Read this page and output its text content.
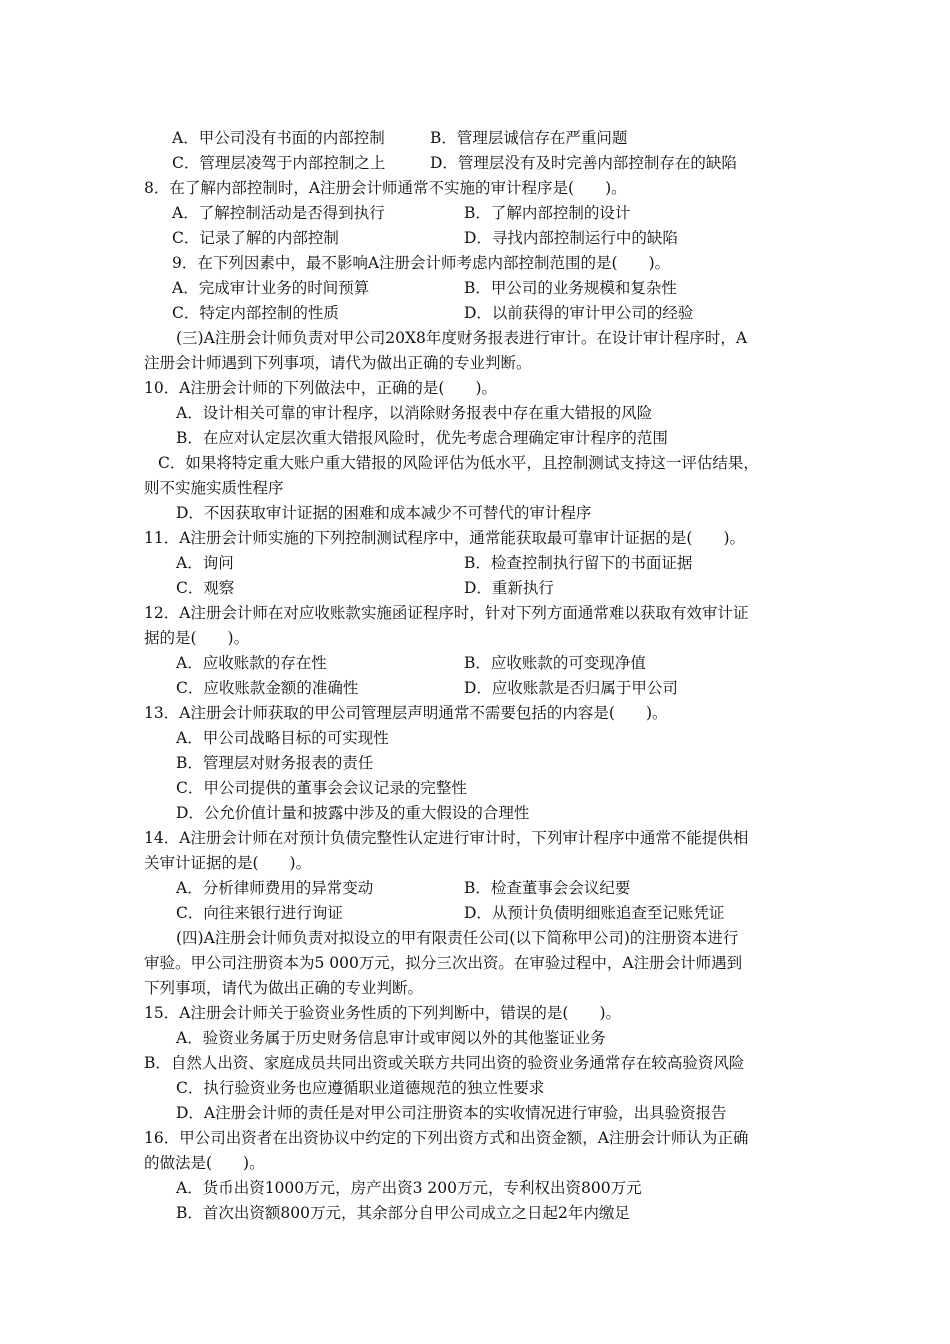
A．甲公司没有书面的内部控制	B．管理层诚信存在严重问题
C．管理层凌驾于内部控制之上	D．管理层没有及时完善内部控制存在的缺陷
8．在了解内部控制时，A注册会计师通常不实施的审计程序是(　　)。
A．了解控制活动是否得到执行	B．了解内部控制的设计
C．记录了解的内部控制	D．寻找内部控制运行中的缺陷
9．在下列因素中，最不影响A注册会计师考虑内部控制范围的是(　　)。
A．完成审计业务的时间预算	B．甲公司的业务规模和复杂性
C．特定内部控制的性质	D．以前获得的审计甲公司的经验
(三)A注册会计师负责对甲公司20X8年度财务报表进行审计。在设计审计程序时，A
注册会计师遇到下列事项，请代为做出正确的专业判断。
10．A注册会计师的下列做法中，正确的是(　　)。
A．设计相关可靠的审计程序，以消除财务报表中存在重大错报的风险
B．在应对认定层次重大错报风险时，优先考虑合理确定审计程序的范围
C．如果将特定重大账户重大错报的风险评估为低水平，且控制测试支持这一评估结果，
则不实施实质性程序
D．不因获取审计证据的困难和成本减少不可替代的审计程序
11．A注册会计师实施的下列控制测试程序中，通常能获取最可靠审计证据的是(　　)。
A．询问	B．检查控制执行留下的书面证据
C．观察	D．重新执行
12．A注册会计师在对应收账款实施函证程序时，针对下列方面通常难以获取有效审计证
据的是(　　)。
A．应收账款的存在性	B．应收账款的可变现净值
C．应收账款金额的准确性	D．应收账款是否归属于甲公司
13．A注册会计师获取的甲公司管理层声明通常不需要包括的内容是(　　)。
A．甲公司战略目标的可实现性
B．管理层对财务报表的责任
C．甲公司提供的董事会会议记录的完整性
D．公允价值计量和披露中涉及的重大假设的合理性
14．A注册会计师在对预计负债完整性认定进行审计时，下列审计程序中通常不能提供相
关审计证据的是(　　)。
A．分析律师费用的异常变动	B．检查董事会会议纪要
C．向往来银行进行询证	D．从预计负债明细账追查至记账凭证
(四)A注册会计师负责对拟设立的甲有限责任公司(以下简称甲公司)的注册资本进行
审验。甲公司注册资本为5 000万元，拟分三次出资。在审验过程中，A注册会计师遇到
下列事项，请代为做出正确的专业判断。
15．A注册会计师关于验资业务性质的下列判断中，错误的是(　　)。
A．验资业务属于历史财务信息审计或审阅以外的其他鉴证业务
B．自然人出资、家庭成员共同出资或关联方共同出资的验资业务通常存在较高验资风险
C．执行验资业务也应遵循职业道德规范的独立性要求
D．A注册会计师的责任是对甲公司注册资本的实收情况进行审验，出具验资报告
16．甲公司出资者在出资协议中约定的下列出资方式和出资金额，A注册会计师认为正确
的做法是(　　)。
A．货币出资1000万元，房产出资3 200万元，专利权出资800万元
B．首次出资额800万元，其余部分自甲公司成立之日起2年内缴足
